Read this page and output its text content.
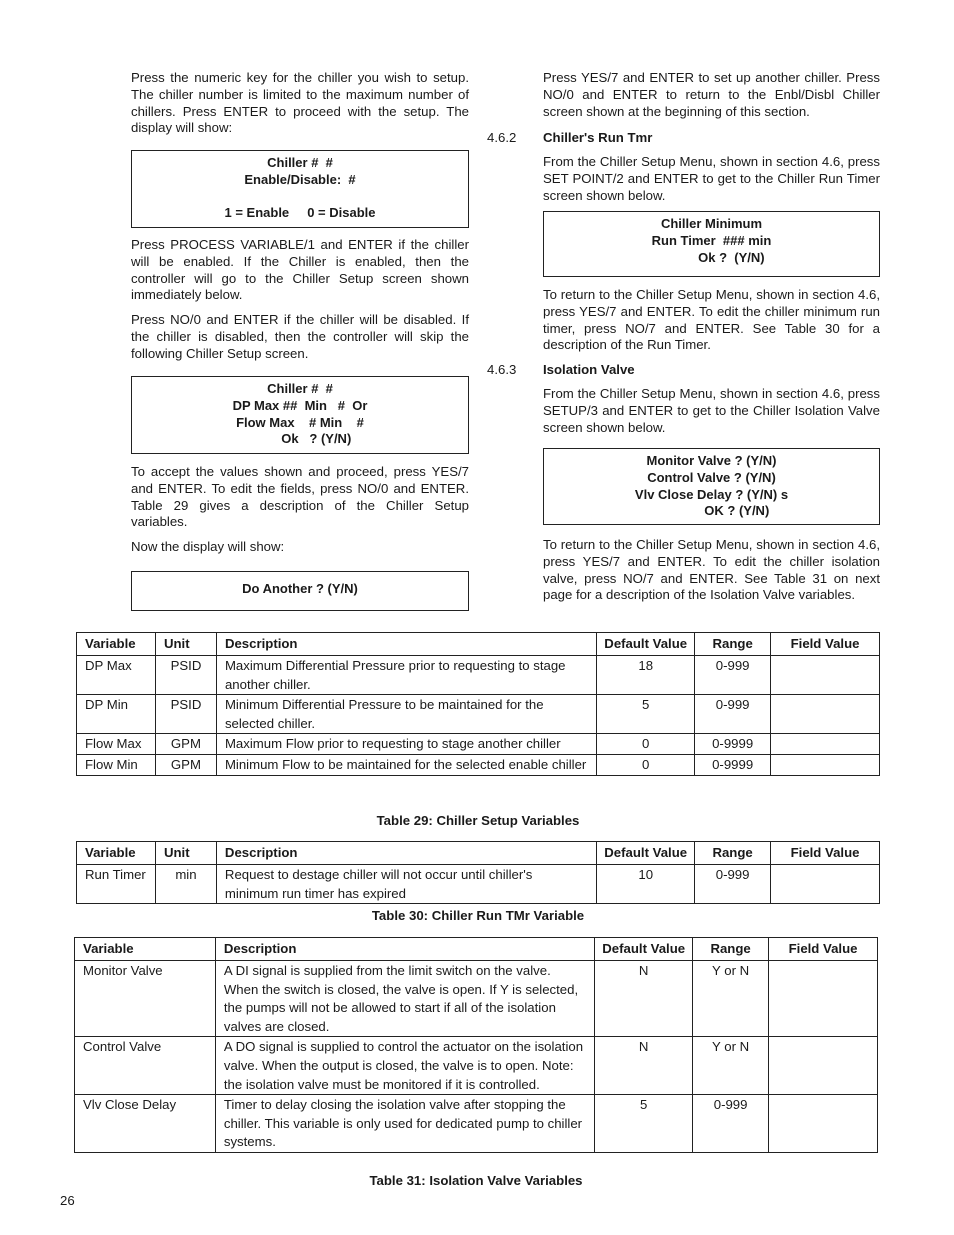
Press the numeric key for the chiller you wish to setup. The chiller number is limited to the maximum number of chillers. Press ENTER to proceed with the setup. The display will show:

Chiller #  #
Enable/Disable:  #
1 = Enable     0 = Disable

Press PROCESS VARIABLE/1 and ENTER if the chiller will be enabled. If the Chiller is enabled, then the controller will go to the Chiller Setup screen shown immediately below.

Press NO/0 and ENTER if the chiller will be disabled. If the chiller is disabled, then the controller will skip the following Chiller Setup screen.

Chiller #  #
DP Max ##  Min   #  Or
Flow Max    # Min    #
Ok   ? (Y/N)

To accept the values shown and proceed, press YES/7 and ENTER. To edit the fields, press NO/0 and ENTER. Table 29 gives a description of the Chiller Setup variables.

Now the display will show:

Do Another ? (Y/N)

Press YES/7 and ENTER to set up another chiller. Press NO/0 and ENTER to return to the Enbl/Disbl Chiller screen shown at the beginning of this section.

4.6.2 Chiller's Run Tmr

From the Chiller Setup Menu, shown in section 4.6, press SET POINT/2 and ENTER to get to the Chiller Run Timer screen shown below.

Chiller Minimum
Run Timer  ### min
Ok ?  (Y/N)

To return to the Chiller Setup Menu, shown in section 4.6, press YES/7 and ENTER. To edit the chiller minimum run timer, press NO/7 and ENTER. See Table 30 for a description of the Run Timer.

4.6.3 Isolation Valve

From the Chiller Setup Menu, shown in section 4.6, press SETUP/3 and ENTER to get to the Chiller Isolation Valve screen shown below.

Monitor Valve ? (Y/N)
Control Valve ? (Y/N)
Vlv Close Delay ? (Y/N) s
OK ? (Y/N)

To return to the Chiller Setup Menu, shown in section 4.6, press YES/7 and ENTER. To edit the chiller isolation valve, press NO/7 and ENTER. See Table 31 on next page for a description of the Isolation Valve variables.

Variable	Unit	Description	Default Value	Range	Field Value
DP Max	PSID	Maximum Differential Pressure prior to requesting to stage another chiller.	18	0-999	
DP Min	PSID	Minimum Differential Pressure to be maintained for the selected chiller.	5	0-999	
Flow Max	GPM	Maximum Flow prior to requesting to stage another chiller	0	0-9999	
Flow Min	GPM	Minimum Flow to be maintained for the selected enable chiller	0	0-9999	
Table 29: Chiller Setup Variables
Variable	Unit	Description	Default Value	Range	Field Value
Run Timer	min	Request to destage chiller will not occur until chiller's minimum run timer has expired	10	0-999	
Table 30: Chiller Run TMr Variable
Variable	Description	Default Value	Range	Field Value
Monitor Valve	A DI signal is supplied from the limit switch on the valve. When the switch is closed, the valve is open. If Y is selected, the pumps will not be allowed to start if all of the isolation valves are closed.	N	Y or N	
Control Valve	A DO signal is supplied to control the actuator on the isolation valve. When the output is closed, the valve is to open. Note: the isolation valve must be monitored if it is controlled.	N	Y or N	
Vlv Close Delay	Timer to delay closing the isolation valve after stopping the chiller. This variable is only used for dedicated pump to chiller systems.	5	0-999	
Table 31: Isolation Valve Variables
26
